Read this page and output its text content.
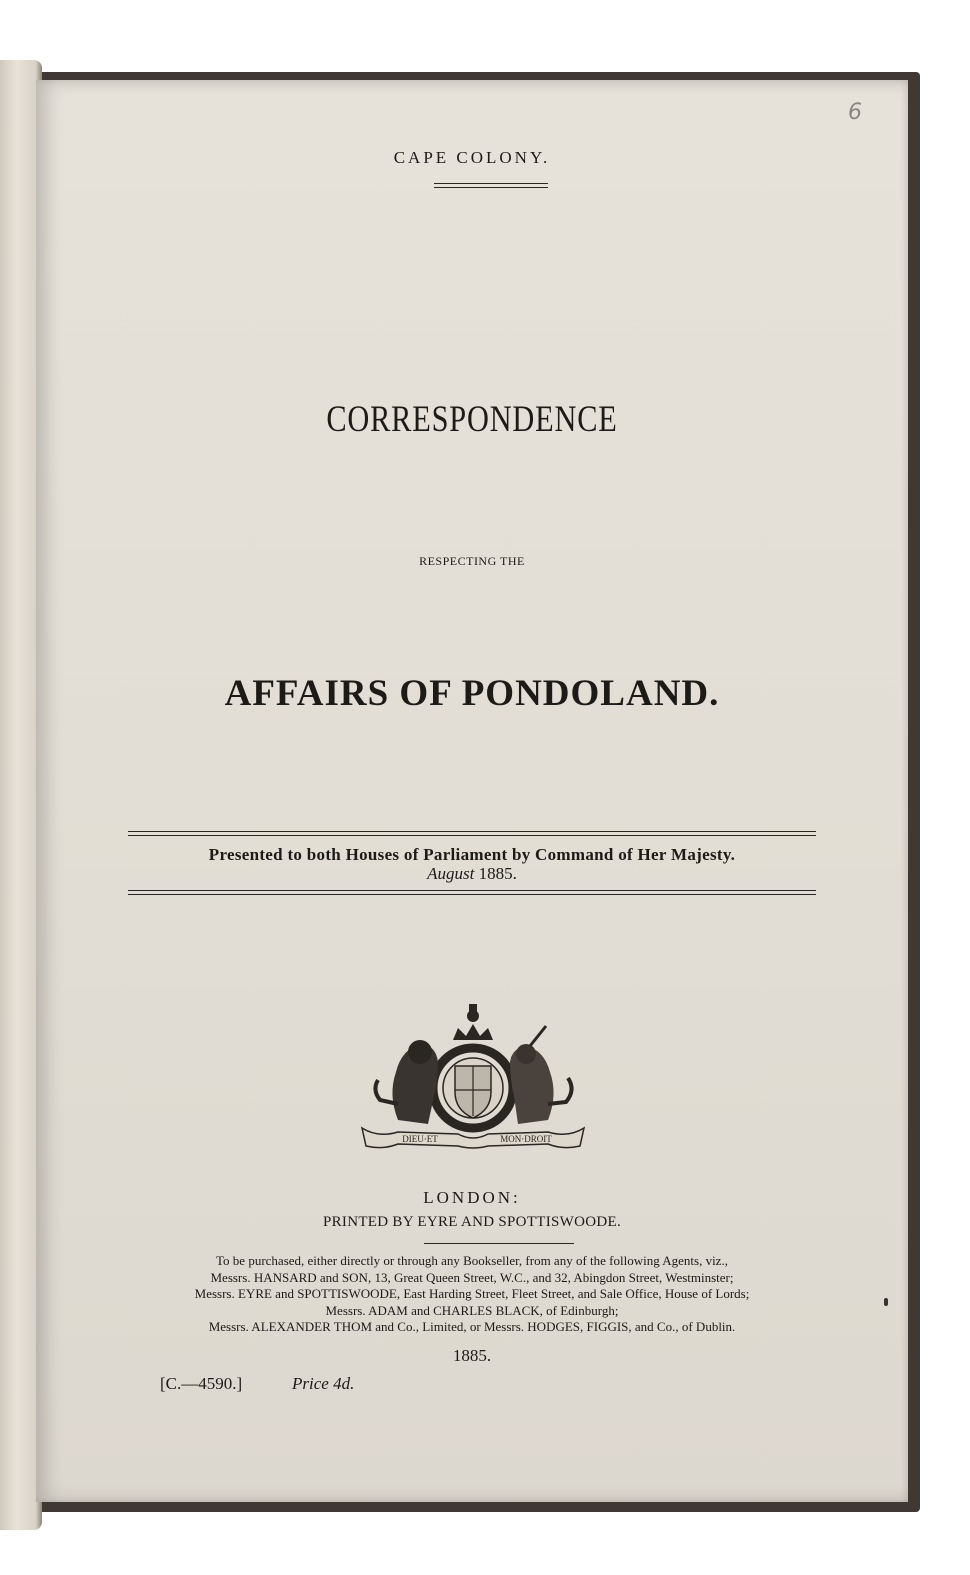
6
CAPE COLONY.
CORRESPONDENCE
RESPECTING THE
AFFAIRS OF PONDOLAND.
Presented to both Houses of Parliament by Command of Her Majesty.
August 1885.
DIEU·ET	MON·DROIT
LONDON:
PRINTED BY EYRE AND SPOTTISWOODE.
To be purchased, either directly or through any Bookseller, from any of the following Agents, viz.,
Messrs. HANSARD and SON, 13, Great Queen Street, W.C., and 32, Abingdon Street, Westminster;
Messrs. EYRE and SPOTTISWOODE, East Harding Street, Fleet Street, and Sale Office, House of Lords;
Messrs. ADAM and CHARLES BLACK, of Edinburgh;
Messrs. ALEXANDER THOM and Co., Limited, or Messrs. HODGES, FIGGIS, and Co., of Dublin.
1885.
[C.—4590.]	Price 4d.
